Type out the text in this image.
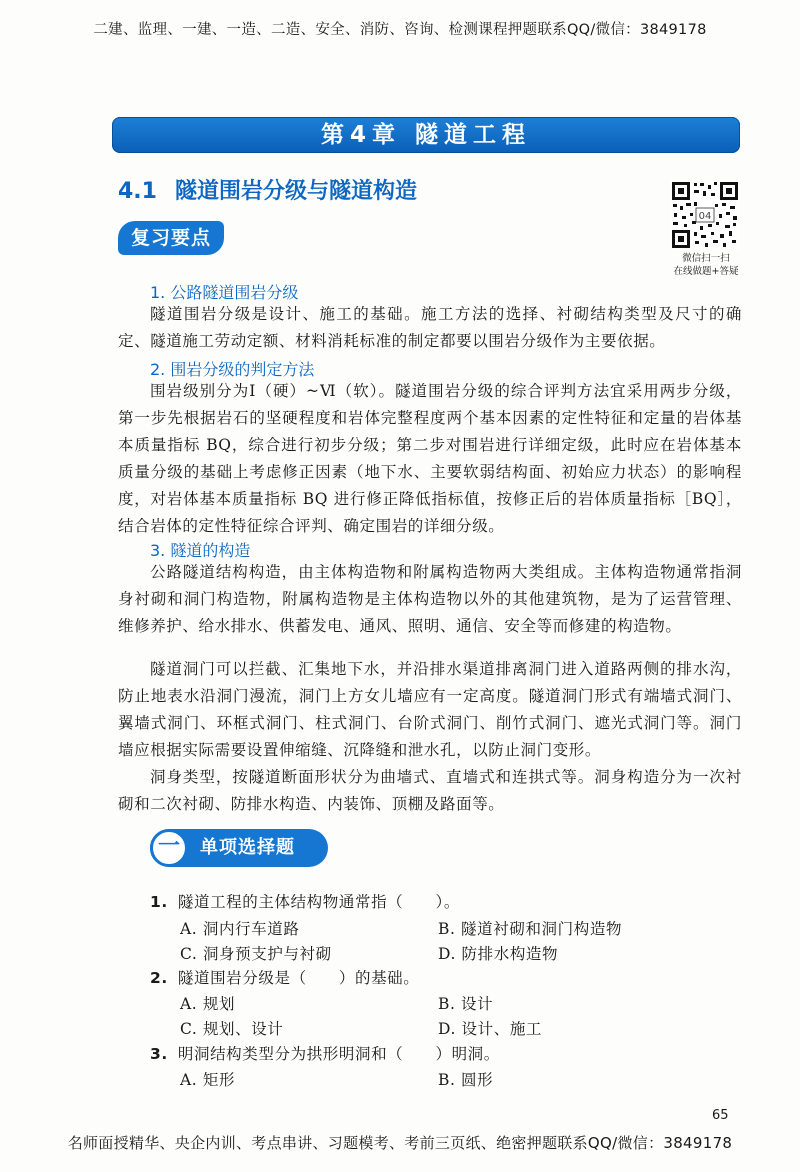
二建、监理、一建、一造、二造、安全、消防、咨询、检测课程押题联系QQ/微信：3849178
第4章 隧道工程
4.1 隧道围岩分级与隧道构造
04
微信扫一扫
在线做题+答疑
复习要点
1. 公路隧道围岩分级
隧道围岩分级是设计、施工的基础。施工方法的选择、衬砌结构类型及尺寸的确定、隧道施工劳动定额、材料消耗标准的制定都要以围岩分级作为主要依据。
2. 围岩分级的判定方法
围岩级别分为Ⅰ（硬）~Ⅵ（软）。隧道围岩分级的综合评判方法宜采用两步分级，第一步先根据岩石的坚硬程度和岩体完整程度两个基本因素的定性特征和定量的岩体基本质量指标 BQ，综合进行初步分级；第二步对围岩进行详细定级，此时应在岩体基本质量分级的基础上考虑修正因素（地下水、主要软弱结构面、初始应力状态）的影响程度，对岩体基本质量指标 BQ 进行修正降低指标值，按修正后的岩体质量指标［BQ］，结合岩体的定性特征综合评判、确定围岩的详细分级。
3. 隧道的构造
公路隧道结构构造，由主体构造物和附属构造物两大类组成。主体构造物通常指洞身衬砌和洞门构造物，附属构造物是主体构造物以外的其他建筑物，是为了运营管理、维修养护、给水排水、供蓄发电、通风、照明、通信、安全等而修建的构造物。
隧道洞门可以拦截、汇集地下水，并沿排水渠道排离洞门进入道路两侧的排水沟，防止地表水沿洞门漫流，洞门上方女儿墙应有一定高度。隧道洞门形式有端墙式洞门、翼墙式洞门、环框式洞门、柱式洞门、台阶式洞门、削竹式洞门、遮光式洞门等。洞门墙应根据实际需要设置伸缩缝、沉降缝和泄水孔，以防止洞门变形。
洞身类型，按隧道断面形状分为曲墙式、直墙式和连拱式等。洞身构造分为一次衬砌和二次衬砌、防排水构造、内装饰、顶棚及路面等。
一	单项选择题
1. 隧道工程的主体结构物通常指（　　）。
A. 洞内行车道路	B. 隧道衬砌和洞门构造物
C. 洞身预支护与衬砌	D. 防排水构造物
2. 隧道围岩分级是（　　）的基础。
A. 规划	B. 设计
C. 规划、设计	D. 设计、施工
3. 明洞结构类型分为拱形明洞和（　　）明洞。
A. 矩形	B. 圆形
65
名师面授精华、央企内训、考点串讲、习题模考、考前三页纸、绝密押题联系QQ/微信：3849178
